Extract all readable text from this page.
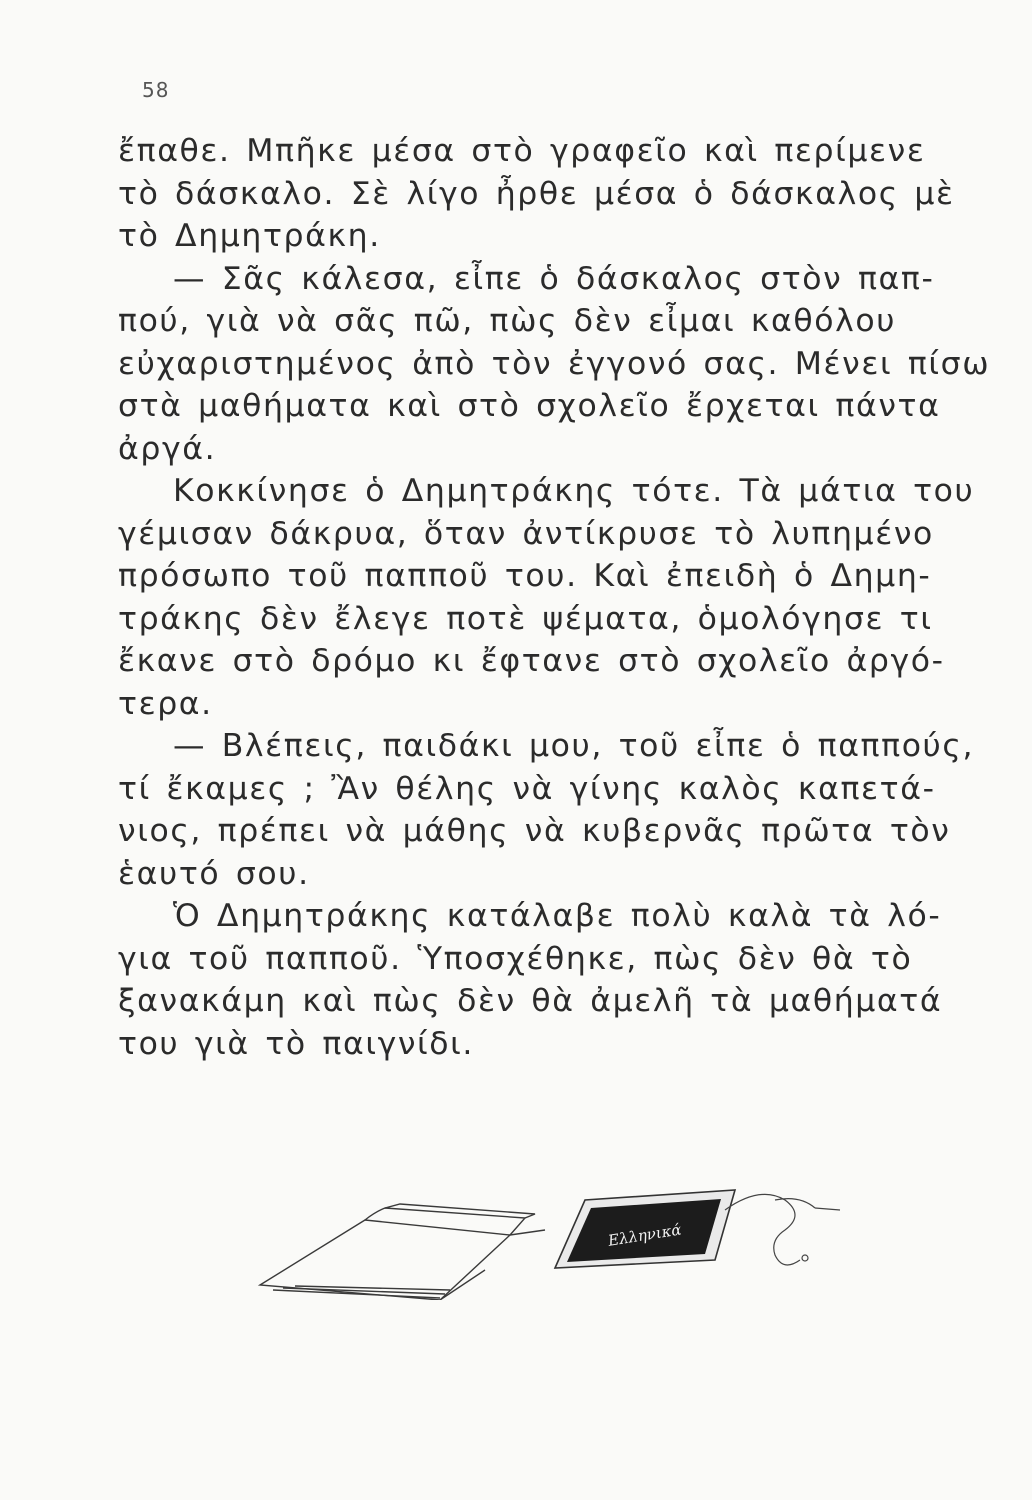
58
ἔπαθε. Μπῆκε μέσα στὸ γραφεῖο καὶ περίμενε
τὸ δάσκαλο. Σὲ λίγο ἦρθε μέσα ὁ δάσκαλος μὲ
τὸ Δημητράκη.
— Σᾶς κάλεσα, εἶπε ὁ δάσκαλος στὸν παπ-
πού, γιὰ νὰ σᾶς πῶ, πὼς δὲν εἶμαι καθόλου
εὐχαριστημένος ἀπὸ τὸν ἐγγονό σας. Μένει πίσω
στὰ μαθήματα καὶ στὸ σχολεῖο ἔρχεται πάντα
ἀργά.
Κοκκίνησε ὁ Δημητράκης τότε. Τὰ μάτια του
γέμισαν δάκρυα, ὅταν ἀντίκρυσε τὸ λυπημένο
πρόσωπο τοῦ παπποῦ του. Καὶ ἐπειδὴ ὁ Δημη-
τράκης δὲν ἔλεγε ποτὲ ψέματα, ὁμολόγησε τι
ἔκανε στὸ δρόμο κι ἔφτανε στὸ σχολεῖο ἀργό-
τερα.
— Βλέπεις, παιδάκι μου, τοῦ εἶπε ὁ παππούς,
τί ἔκαμες ; Ἂν θέλης νὰ γίνης καλὸς καπετά-
νιος, πρέπει νὰ μάθης νὰ κυβερνᾶς πρῶτα τὸν
ἑαυτό σου.
Ὁ Δημητράκης κατάλαβε πολὺ καλὰ τὰ λό-
για τοῦ παπποῦ. Ὑποσχέθηκε, πὼς δὲν θὰ τὸ
ξανακάμη καὶ πὼς δὲν θὰ ἀμελῆ τὰ μαθήματά
του γιὰ τὸ παιγνίδι.
Ελληνικά
